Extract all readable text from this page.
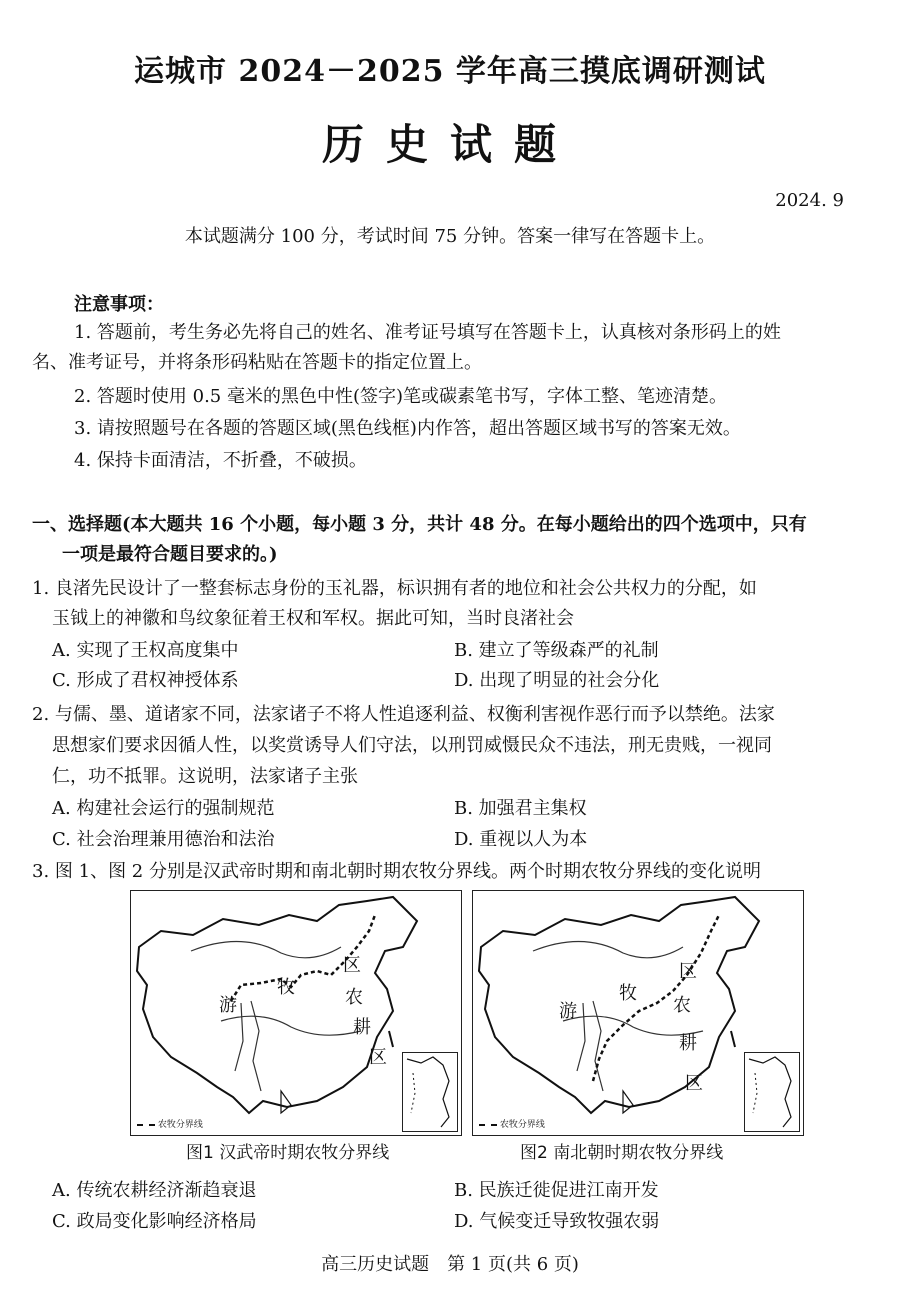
运城市 2024－2025 学年高三摸底调研测试
历史试题
2024. 9
本试题满分 100 分，考试时间 75 分钟。答案一律写在答题卡上。
注意事项：
1. 答题前，考生务必先将自己的姓名、准考证号填写在答题卡上，认真核对条形码上的姓
名、准考证号，并将条形码粘贴在答题卡的指定位置上。
2. 答题时使用 0.5 毫米的黑色中性(签字)笔或碳素笔书写，字体工整、笔迹清楚。
3. 请按照题号在各题的答题区域(黑色线框)内作答，超出答题区域书写的答案无效。
4. 保持卡面清洁，不折叠，不破损。
一、选择题(本大题共 16 个小题，每小题 3 分，共计 48 分。在每小题给出的四个选项中，只有
一项是最符合题目要求的。)
1. 良渚先民设计了一整套标志身份的玉礼器，标识拥有者的地位和社会公共权力的分配，如
玉钺上的神徽和鸟纹象征着王权和军权。据此可知，当时良渚社会
A. 实现了王权高度集中	B. 建立了等级森严的礼制
C. 形成了君权神授体系	D. 出现了明显的社会分化
2. 与儒、墨、道诸家不同，法家诸子不将人性追逐利益、权衡利害视作恶行而予以禁绝。法家
思想家们要求因循人性，以奖赏诱导人们守法，以刑罚威慑民众不违法，刑无贵贱，一视同
仁，功不抵罪。这说明，法家诸子主张
A. 构建社会运行的强制规范	B. 加强君主集权
C. 社会治理兼用德治和法治	D. 重视以人为本
3. 图 1、图 2 分别是汉武帝时期和南北朝时期农牧分界线。两个时期农牧分界线的变化说明
游
牧
区
农
耕
区
农牧分界线
游
牧
区
农
耕
区
农牧分界线
图1 汉武帝时期农牧分界线	图2 南北朝时期农牧分界线
A. 传统农耕经济渐趋衰退	B. 民族迁徙促进江南开发
C. 政局变化影响经济格局	D. 气候变迁导致牧强农弱
高三历史试题　第 1 页(共 6 页)
